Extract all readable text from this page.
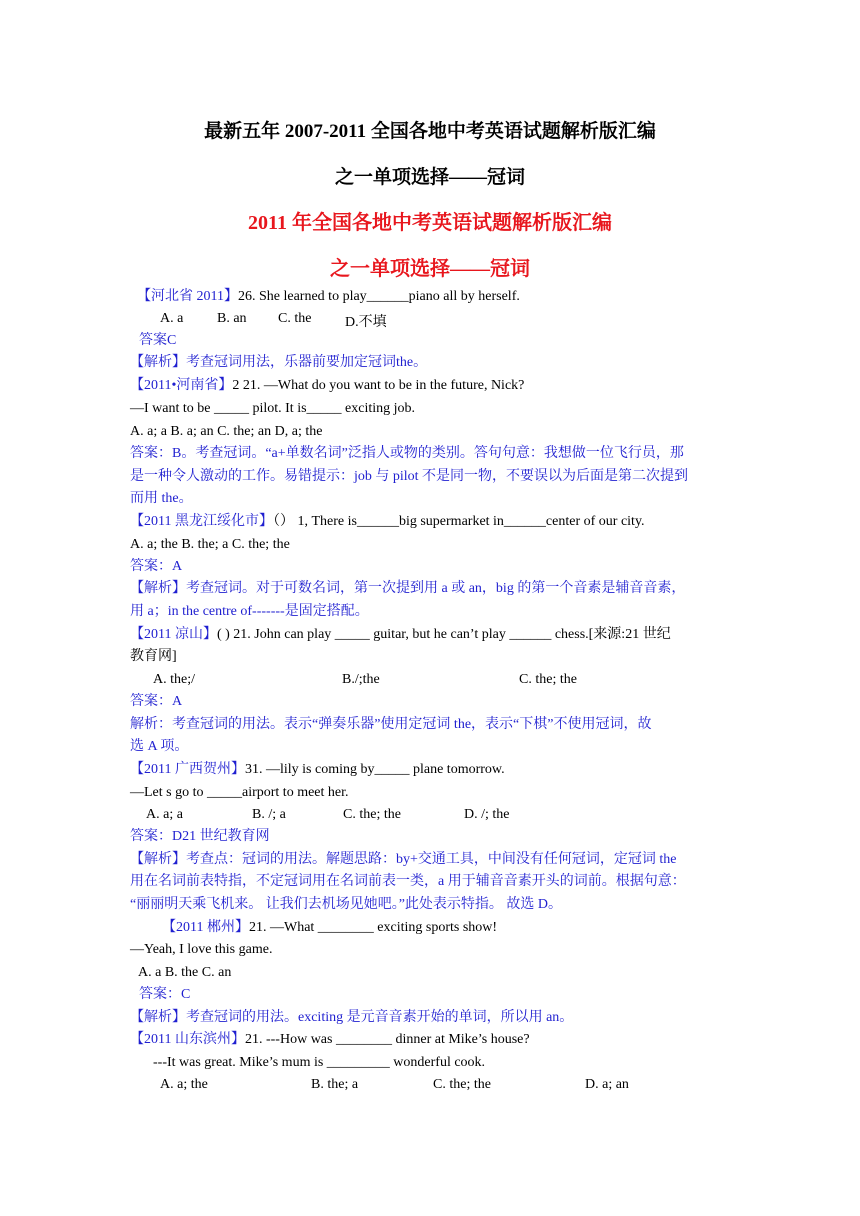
最新五年 2007-2011 全国各地中考英语试题解析版汇编
之一单项选择——冠词
2011 年全国各地中考英语试题解析版汇编
之一单项选择——冠词
【河北省 2011】26. She learned to play______piano all by herself.
A. a B. an C. the D.不填
答案C
【解析】考查冠词用法，乐器前要加定冠词the。
【2011•河南省】2 21. —What do you want to be in the future, Nick?
—I want to be _____ pilot. It is_____ exciting job.
A. a; a B. a; an C. the; an D, a; the
答案：B。考查冠词。“a+单数名词”泛指人或物的类别。答句句意：我想做一位飞行员，那
是一种令人激动的工作。易错提示：job 与 pilot 不是同一物，不要误以为后面是第二次提到
而用 the。
【2011 黑龙江绥化市】（） 1, There is______big supermarket in______center of our city.
A. a; the B. the; a C. the; the
答案：A
【解析】考查冠词。对于可数名词，第一次提到用 a 或 an，big 的第一个音素是辅音音素，
用 a；in the centre of-------是固定搭配。
【2011 凉山】( ) 21. John can play _____ guitar, but he can’t play ______ chess.[来源:21 世纪
教育网]
A. the;/	B./;the	C. the; the
答案：A
解析：考查冠词的用法。表示“弹奏乐器”使用定冠词 the，表示“下棋”不使用冠词，故
选 A 项。
【2011 广西贺州】31. —lily is coming by_____ plane tomorrow.
—Let s go to _____airport to meet her.
A. a; a	B. /; a	C. the; the	D. /; the
答案：D21 世纪教育网
【解析】考查点：冠词的用法。解题思路：by+交通工具，中间没有任何冠词，定冠词 the
用在名词前表特指，不定冠词用在名词前表一类，a 用于辅音音素开头的词前。根据句意：
“丽丽明天乘飞机来。 让我们去机场见她吧。”此处表示特指。 故选 D。
【2011 郴州】21. —What ________ exciting sports show!
—Yeah, I love this game.
A. a B. the C. an
答案：C
【解析】考查冠词的用法。exciting 是元音音素开始的单词，所以用 an。
【2011 山东滨州】21. ---How was ________ dinner at Mike’s house?
---It was great. Mike’s mum is _________ wonderful cook.
A. a; the	B. the; a	C. the; the	D. a; an
